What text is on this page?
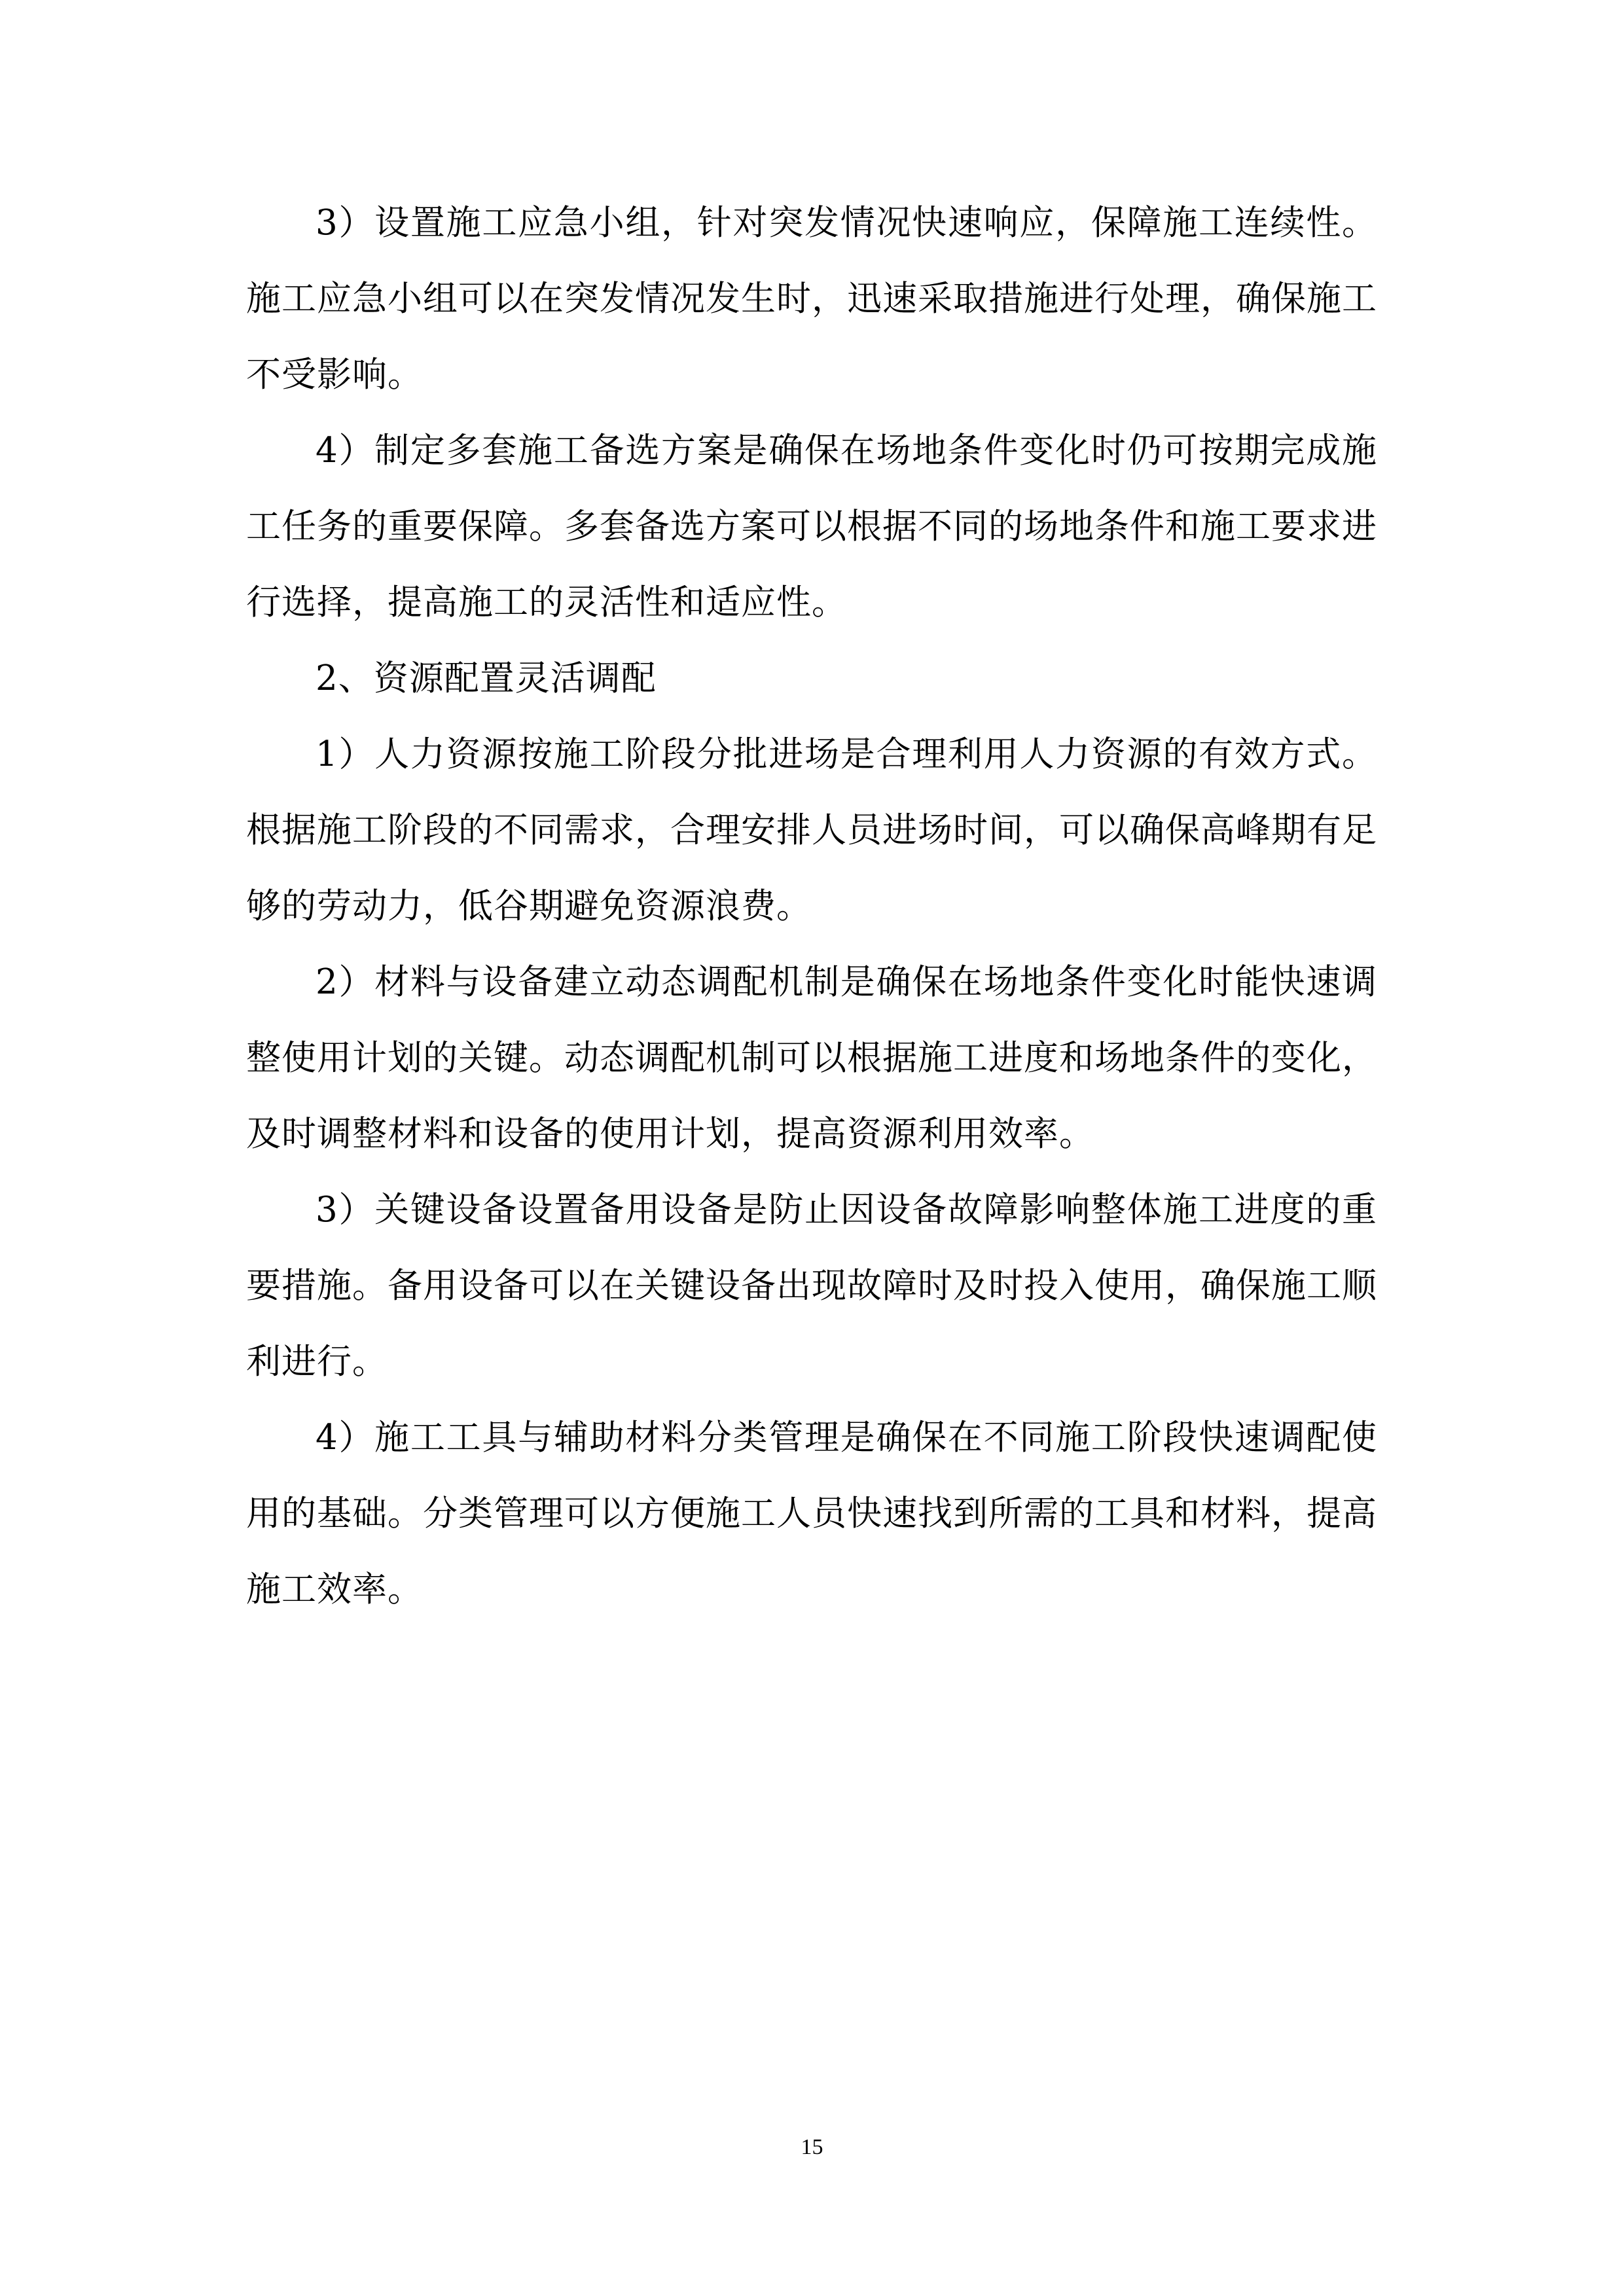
3）设置施工应急小组，针对突发情况快速响应，保障施工连续性。施工应急小组可以在突发情况发生时，迅速采取措施进行处理，确保施工不受影响。

4）制定多套施工备选方案是确保在场地条件变化时仍可按期完成施工任务的重要保障。多套备选方案可以根据不同的场地条件和施工要求进行选择，提高施工的灵活性和适应性。

2、资源配置灵活调配

1）人力资源按施工阶段分批进场是合理利用人力资源的有效方式。根据施工阶段的不同需求，合理安排人员进场时间，可以确保高峰期有足够的劳动力，低谷期避免资源浪费。

2）材料与设备建立动态调配机制是确保在场地条件变化时能快速调整使用计划的关键。动态调配机制可以根据施工进度和场地条件的变化，及时调整材料和设备的使用计划，提高资源利用效率。

3）关键设备设置备用设备是防止因设备故障影响整体施工进度的重要措施。备用设备可以在关键设备出现故障时及时投入使用，确保施工顺利进行。

4）施工工具与辅助材料分类管理是确保在不同施工阶段快速调配使用的基础。分类管理可以方便施工人员快速找到所需的工具和材料，提高施工效率。

15
